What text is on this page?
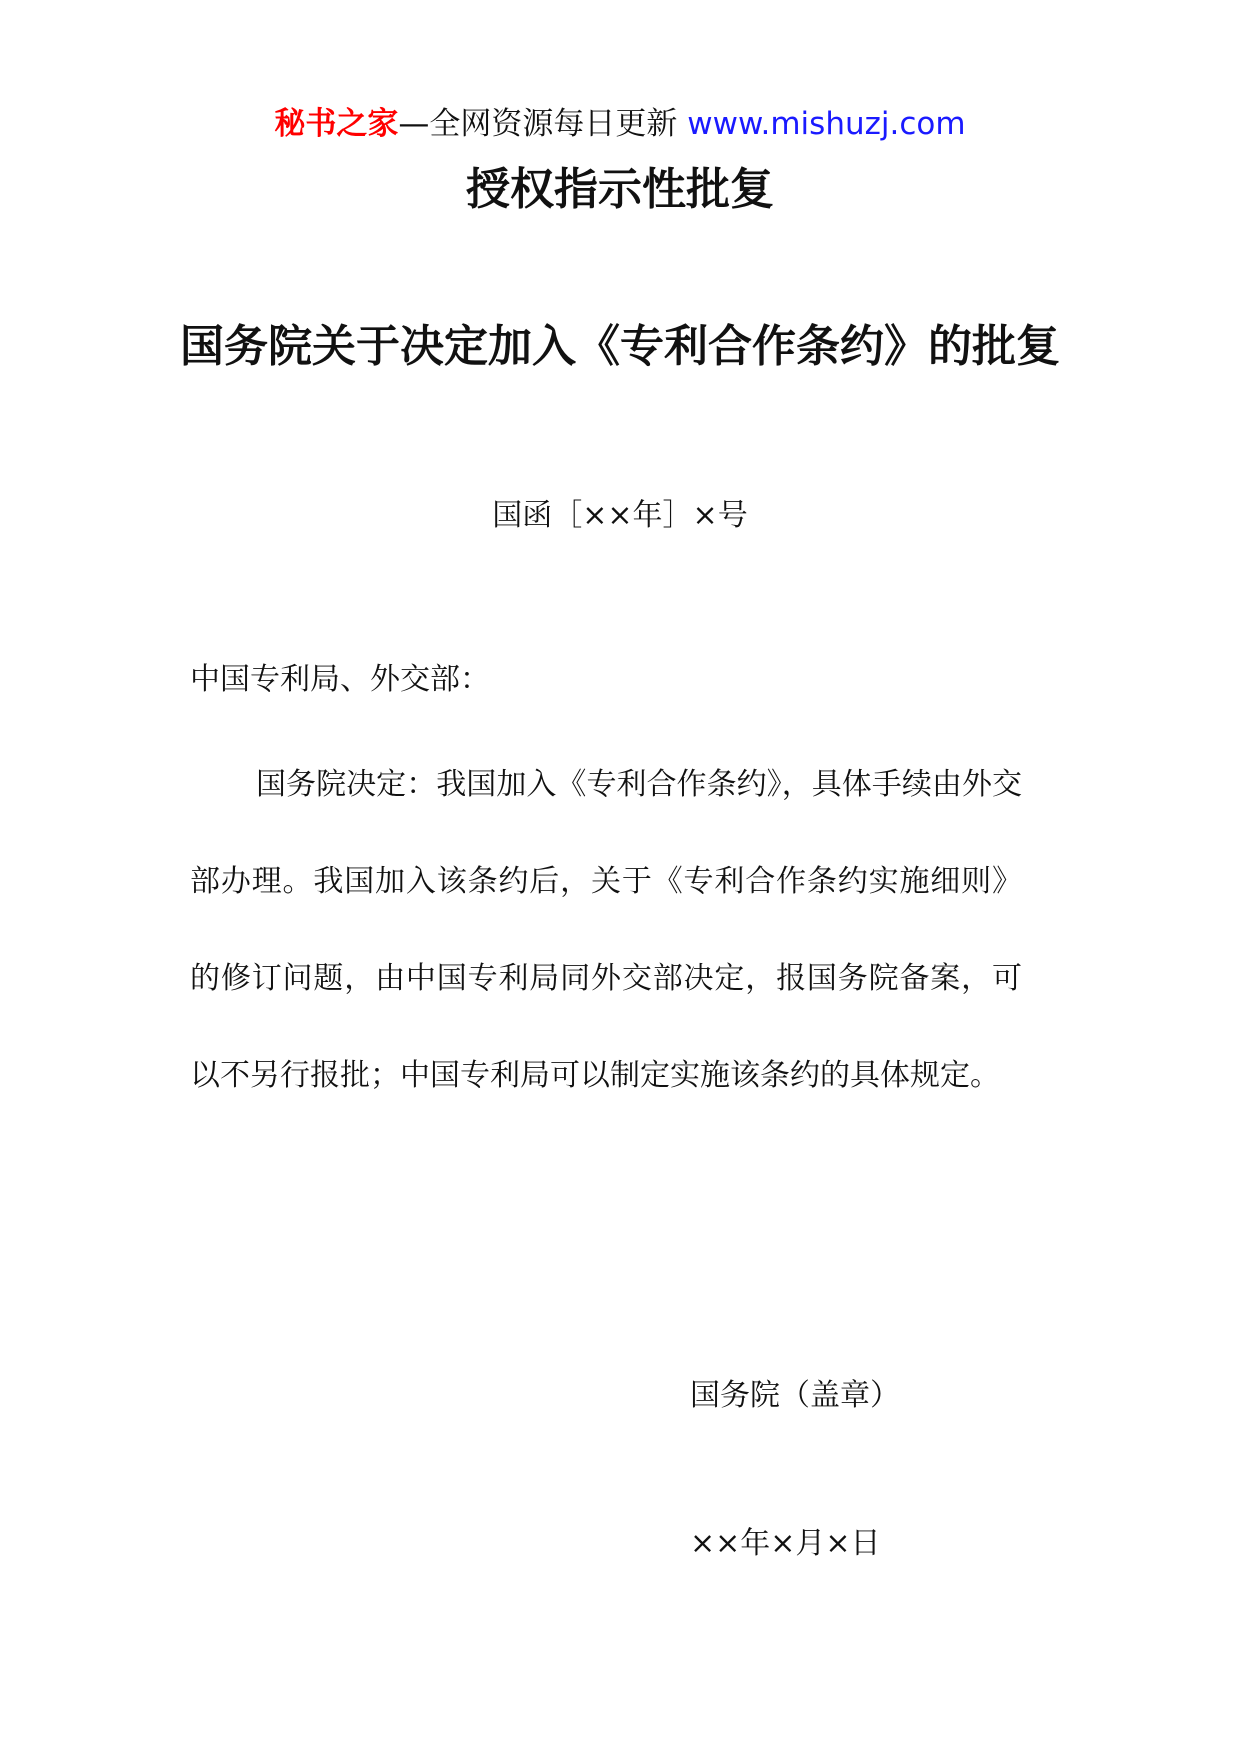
秘书之家—全网资源每日更新 www.mishuzj.com
授权指示性批复
国务院关于决定加入《专利合作条约》的批复
国函［××年］×号
中国专利局、外交部：

国务院决定：我国加入《专利合作条约》，具体手续由外交部办理。我国加入该条约后，关于《专利合作条约实施细则》的修订问题，由中国专利局同外交部决定，报国务院备案，可以不另行报批；中国专利局可以制定实施该条约的具体规定。

国务院（盖章）
××年×月×日
